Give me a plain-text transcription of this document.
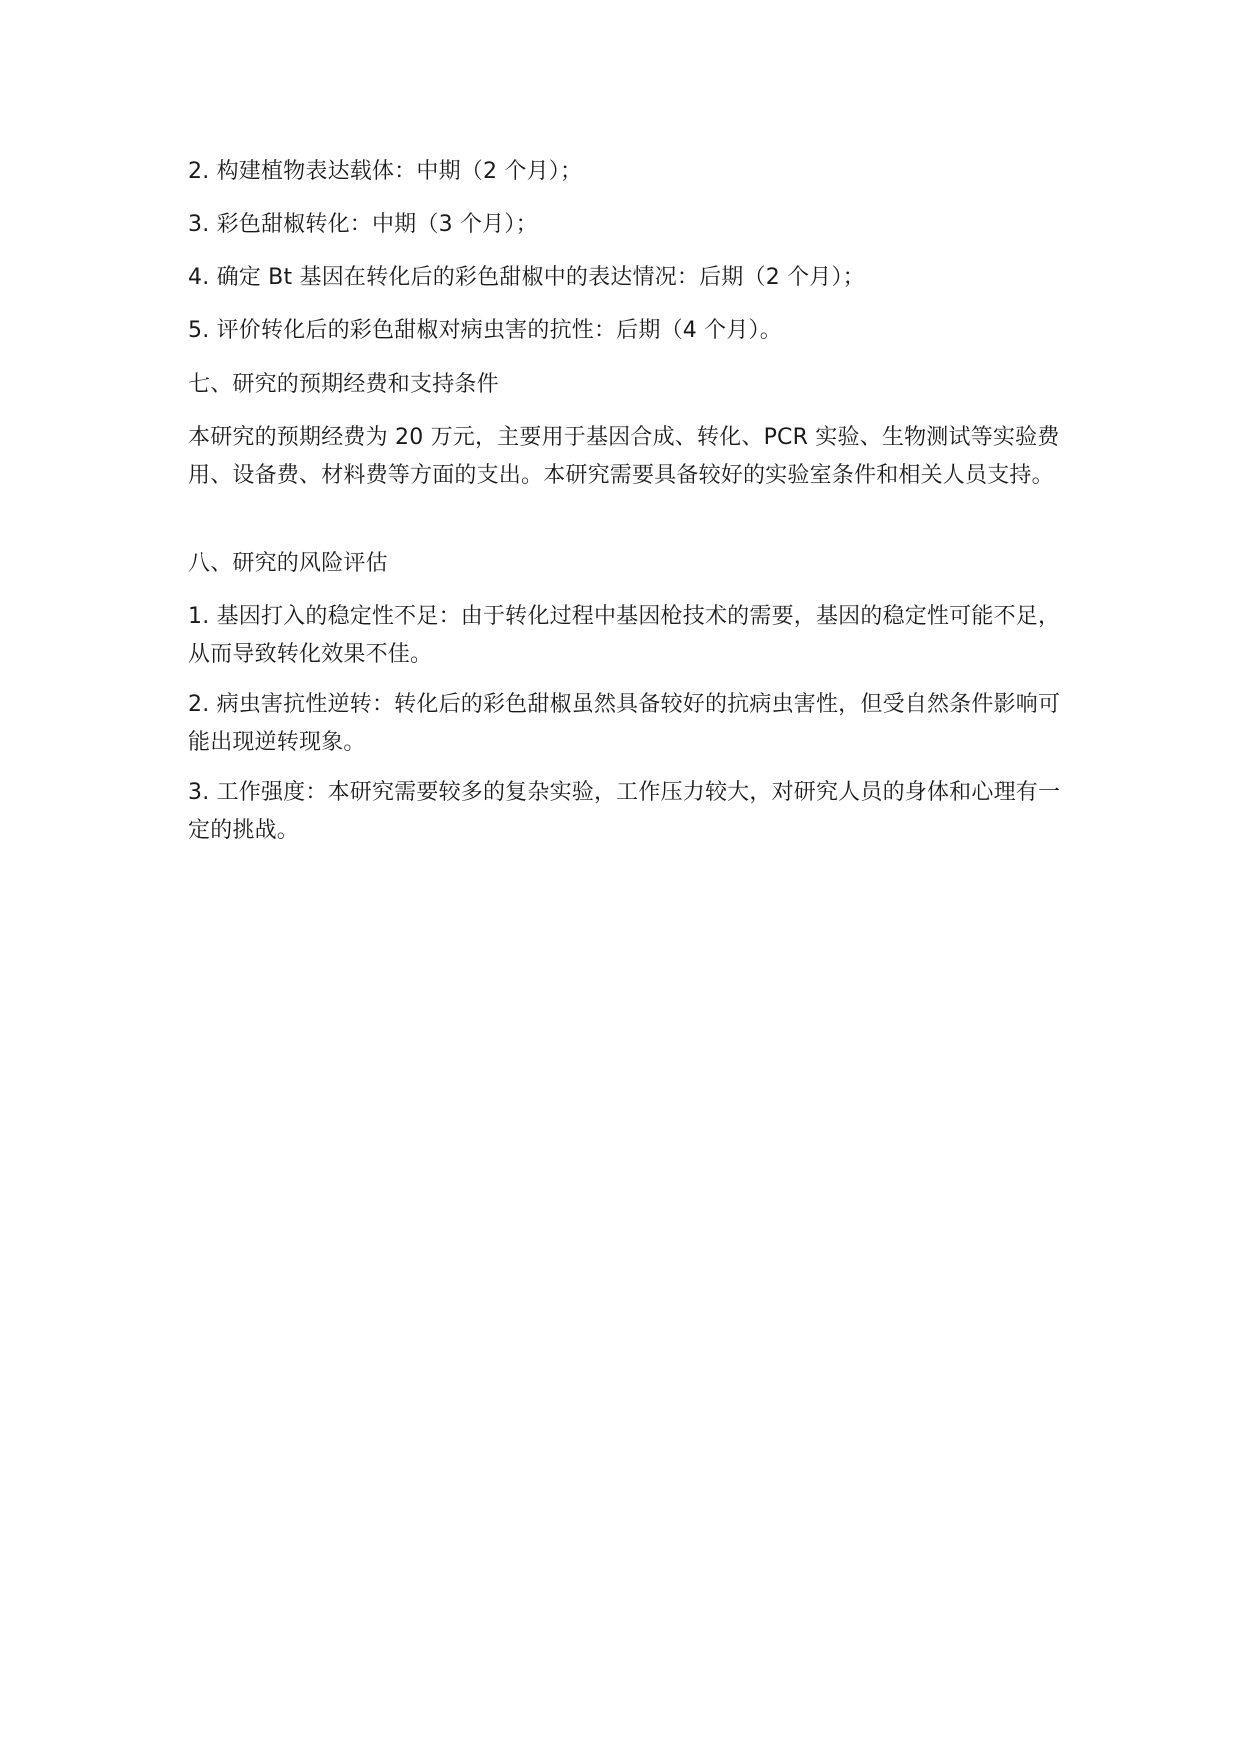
2. 构建植物表达载体：中期（2 个月）；

3. 彩色甜椒转化：中期（3 个月）；

4. 确定 Bt 基因在转化后的彩色甜椒中的表达情况：后期（2 个月）；

5. 评价转化后的彩色甜椒对病虫害的抗性：后期（4 个月）。

七、研究的预期经费和支持条件

本研究的预期经费为 20 万元，主要用于基因合成、转化、PCR 实验、生物测试等实验费用、设备费、材料费等方面的支出。本研究需要具备较好的实验室条件和相关人员支持。

八、研究的风险评估

1. 基因打入的稳定性不足：由于转化过程中基因枪技术的需要，基因的稳定性可能不足，从而导致转化效果不佳。

2. 病虫害抗性逆转：转化后的彩色甜椒虽然具备较好的抗病虫害性，但受自然条件影响可能出现逆转现象。

3. 工作强度：本研究需要较多的复杂实验，工作压力较大，对研究人员的身体和心理有一定的挑战。
